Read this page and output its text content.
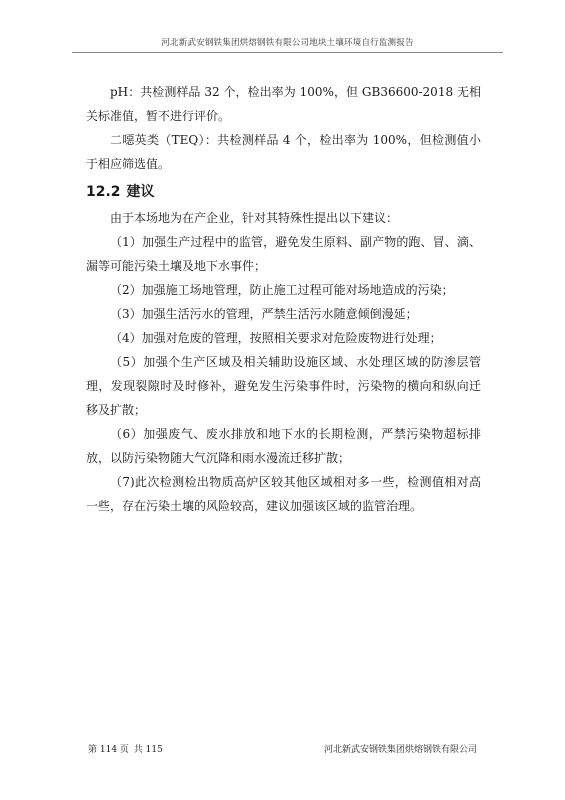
河北新武安钢铁集团烘熔钢铁有限公司地块土壤环境自行监测报告

pH：共检测样品 32 个，检出率为 100%，但 GB36600-2018 无相关标准值，暂不进行评价。

二噁英类（TEQ）：共检测样品 4 个，检出率为 100%，但检测值小于相应筛选值。

12.2 建议

由于本场地为在产企业，针对其特殊性提出以下建议：

（1）加强生产过程中的监管，避免发生原料、副产物的跑、冒、滴、漏等可能污染土壤及地下水事件；

（2）加强施工场地管理，防止施工过程可能对场地造成的污染；

（3）加强生活污水的管理，严禁生活污水随意倾倒漫延；

（4）加强对危废的管理，按照相关要求对危险废物进行处理；

（5）加强个生产区域及相关辅助设施区域、水处理区域的防渗层管理，发现裂隙时及时修补，避免发生污染事件时，污染物的横向和纵向迁移及扩散；

（6）加强废气、废水排放和地下水的长期检测，严禁污染物超标排放，以防污染物随大气沉降和雨水漫流迁移扩散；

（7)此次检测检出物质高炉区较其他区域相对多一些，检测值相对高一些，存在污染土壤的风险较高，建议加强该区域的监管治理。

第 114 页 共 115	河北新武安钢铁集团烘熔钢铁有限公司
